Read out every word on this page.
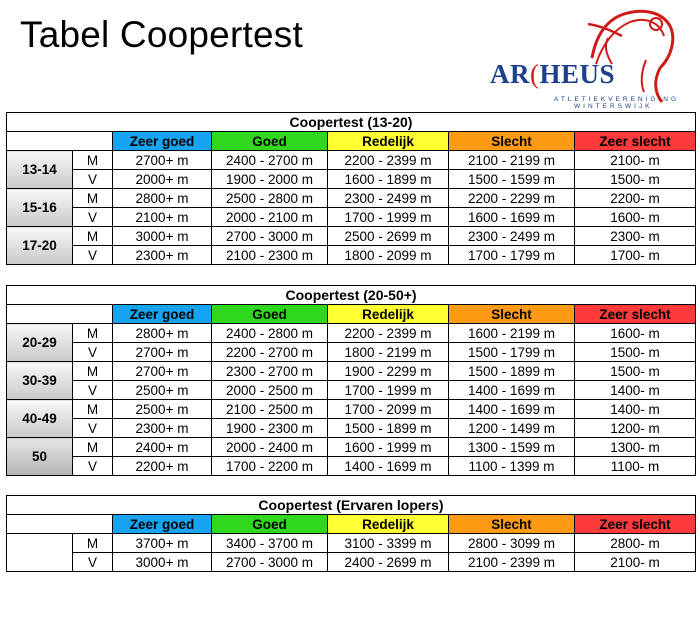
Tabel Coopertest
AR(HEUS
ATLETIEKVERENIGING
WINTERSWIJK
Coopertest (13-20)						
		Zeer goed	Goed	Redelijk	Slecht	Zeer slecht
13-14	M	2700+ m	2400 - 2700 m	2200 - 2399 m	2100 - 2199 m	2100- m
	V	2000+ m	1900 - 2000 m	1600 - 1899 m	1500 - 1599 m	1500- m
15-16	M	2800+ m	2500 - 2800 m	2300 - 2499 m	2200 - 2299 m	2200- m
	V	2100+ m	2000 - 2100 m	1700 - 1999 m	1600 - 1699 m	1600- m
17-20	M	3000+ m	2700 - 3000 m	2500 - 2699 m	2300 - 2499 m	2300- m
	V	2300+ m	2100 - 2300 m	1800 - 2099 m	1700 - 1799 m	1700- m
Coopertest (20-50+)						
		Zeer goed	Goed	Redelijk	Slecht	Zeer slecht
20-29	M	2800+ m	2400 - 2800 m	2200 - 2399 m	1600 - 2199 m	1600- m
	V	2700+ m	2200 - 2700 m	1800 - 2199 m	1500 - 1799 m	1500- m
30-39	M	2700+ m	2300 - 2700 m	1900 - 2299 m	1500 - 1899 m	1500- m
	V	2500+ m	2000 - 2500 m	1700 - 1999 m	1400 - 1699 m	1400- m
40-49	M	2500+ m	2100 - 2500 m	1700 - 2099 m	1400 - 1699 m	1400- m
	V	2300+ m	1900 - 2300 m	1500 - 1899 m	1200 - 1499 m	1200- m
50	M	2400+ m	2000 - 2400 m	1600 - 1999 m	1300 - 1599 m	1300- m
	V	2200+ m	1700 - 2200 m	1400 - 1699 m	1100 - 1399 m	1100- m
Coopertest (Ervaren lopers)						
		Zeer goed	Goed	Redelijk	Slecht	Zeer slecht
	M	3700+ m	3400 - 3700 m	3100 - 3399 m	2800 - 3099 m	2800- m
	V	3000+ m	2700 - 3000 m	2400 - 2699 m	2100 - 2399 m	2100- m
